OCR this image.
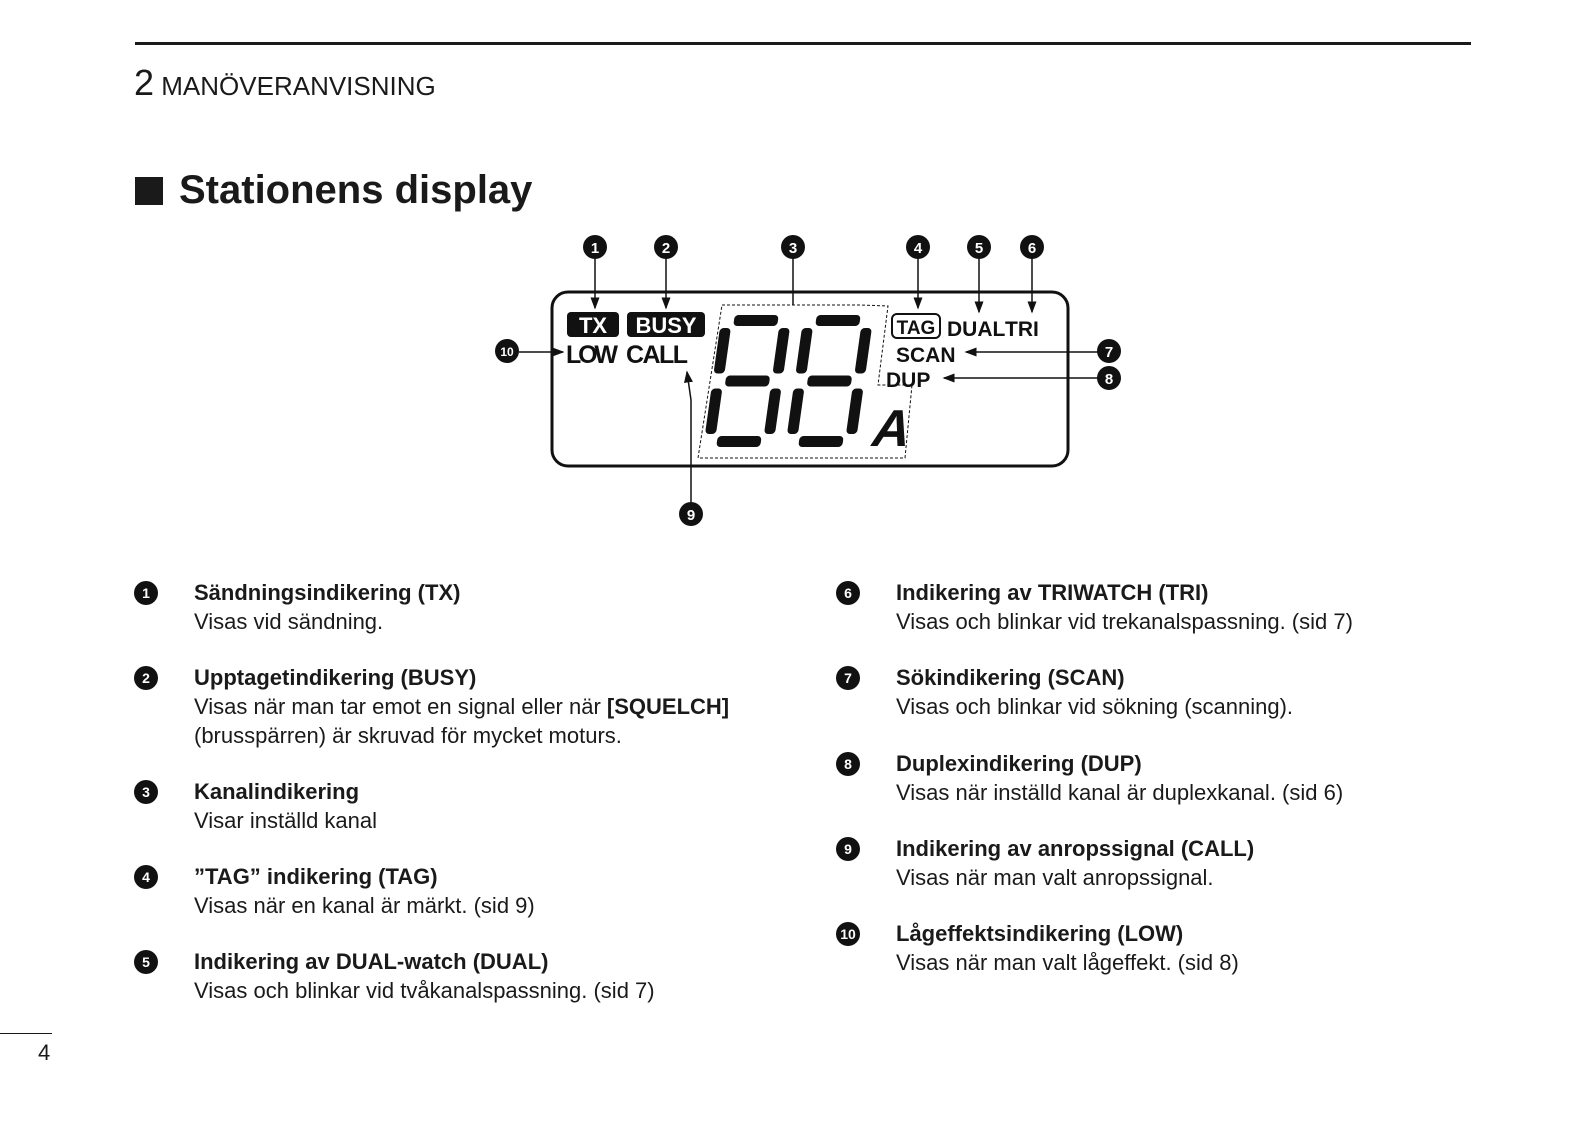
2 MANÖVERANVISNING
Stationens display
1	2	3	4	5	6
7
8
9
10
TX BUSY
LOW CALL
TAG DUAL TRI
SCAN
DUP
A
1	Sändningsindikering (TX)
Visas vid sändning.
2	Upptagetindikering (BUSY)
Visas när man tar emot en signal eller när [SQUELCH]
(brusspärren) är skruvad för mycket moturs.
3	Kanalindikering
Visar inställd kanal
4	”TAG” indikering (TAG)
Visas när en kanal är märkt. (sid 9)
5	Indikering av DUAL-watch (DUAL)
Visas och blinkar vid tvåkanalspassning. (sid 7)
6	Indikering av TRIWATCH (TRI)
Visas och blinkar vid trekanalspassning. (sid 7)
7	Sökindikering (SCAN)
Visas och blinkar vid sökning (scanning).
8	Duplexindikering (DUP)
Visas när inställd kanal är duplexkanal. (sid 6)
9	Indikering av anropssignal (CALL)
Visas när man valt anropssignal.
10 Lågeffektsindikering (LOW)
Visas när man valt lågeffekt. (sid 8)
4
